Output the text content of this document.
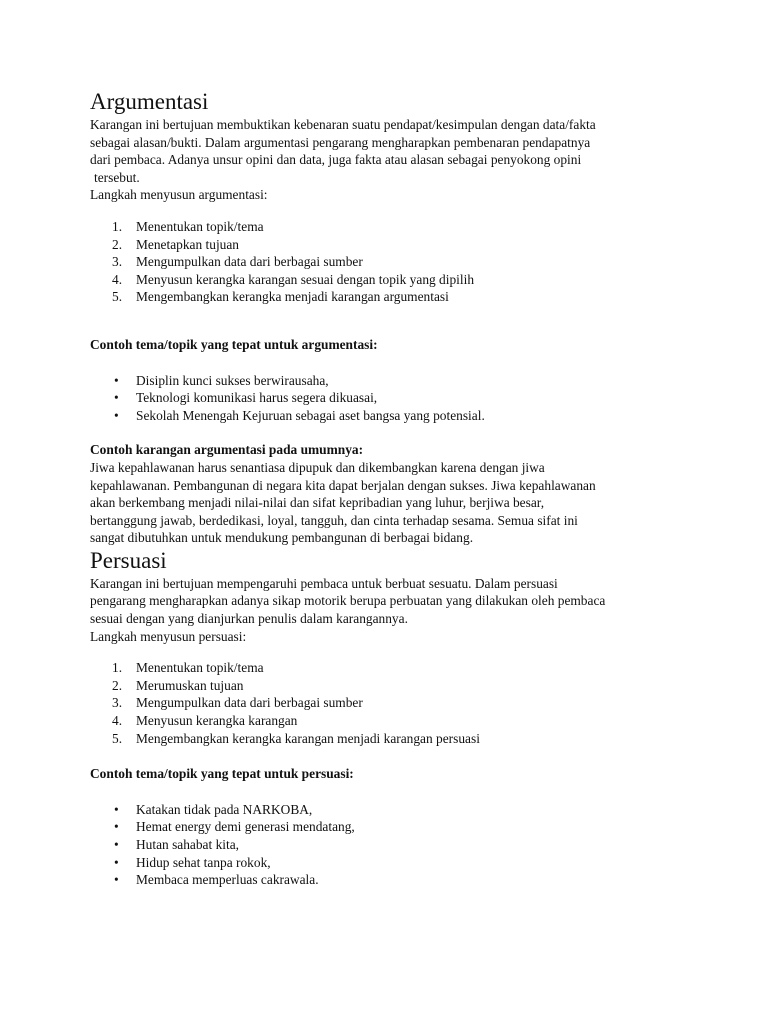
Argumentasi
Karangan ini bertujuan membuktikan kebenaran suatu pendapat/kesimpulan dengan data/fakta
sebagai alasan/bukti. Dalam argumentasi pengarang mengharapkan pembenaran pendapatnya
dari pembaca. Adanya unsur opini dan data, juga fakta atau alasan sebagai penyokong opini
tersebut.
Langkah menyusun argumentasi:
1. Menentukan topik/tema
2. Menetapkan tujuan
3. Mengumpulkan data dari berbagai sumber
4. Menyusun kerangka karangan sesuai dengan topik yang dipilih
5. Mengembangkan kerangka menjadi karangan argumentasi

Contoh tema/topik yang tepat untuk argumentasi:

• Disiplin kunci sukses berwirausaha,
• Teknologi komunikasi harus segera dikuasai,
• Sekolah Menengah Kejuruan sebagai aset bangsa yang potensial.

Contoh karangan argumentasi pada umumnya:

Jiwa kepahlawanan harus senantiasa dipupuk dan dikembangkan karena dengan jiwa
kepahlawanan. Pembangunan di negara kita dapat berjalan dengan sukses. Jiwa kepahlawanan
akan berkembang menjadi nilai-nilai dan sifat kepribadian yang luhur, berjiwa besar,
bertanggung jawab, berdedikasi, loyal, tangguh, dan cinta terhadap sesama. Semua sifat ini
sangat dibutuhkan untuk mendukung pembangunan di berbagai bidang.
Persuasi
Karangan ini bertujuan mempengaruhi pembaca untuk berbuat sesuatu. Dalam persuasi
pengarang mengharapkan adanya sikap motorik berupa perbuatan yang dilakukan oleh pembaca
sesuai dengan yang dianjurkan penulis dalam karangannya.
Langkah menyusun persuasi:
1. Menentukan topik/tema
2. Merumuskan tujuan
3. Mengumpulkan data dari berbagai sumber
4. Menyusun kerangka karangan
5. Mengembangkan kerangka karangan menjadi karangan persuasi

Contoh tema/topik yang tepat untuk persuasi:

• Katakan tidak pada NARKOBA,
• Hemat energy demi generasi mendatang,
• Hutan sahabat kita,
• Hidup sehat tanpa rokok,
• Membaca memperluas cakrawala.
